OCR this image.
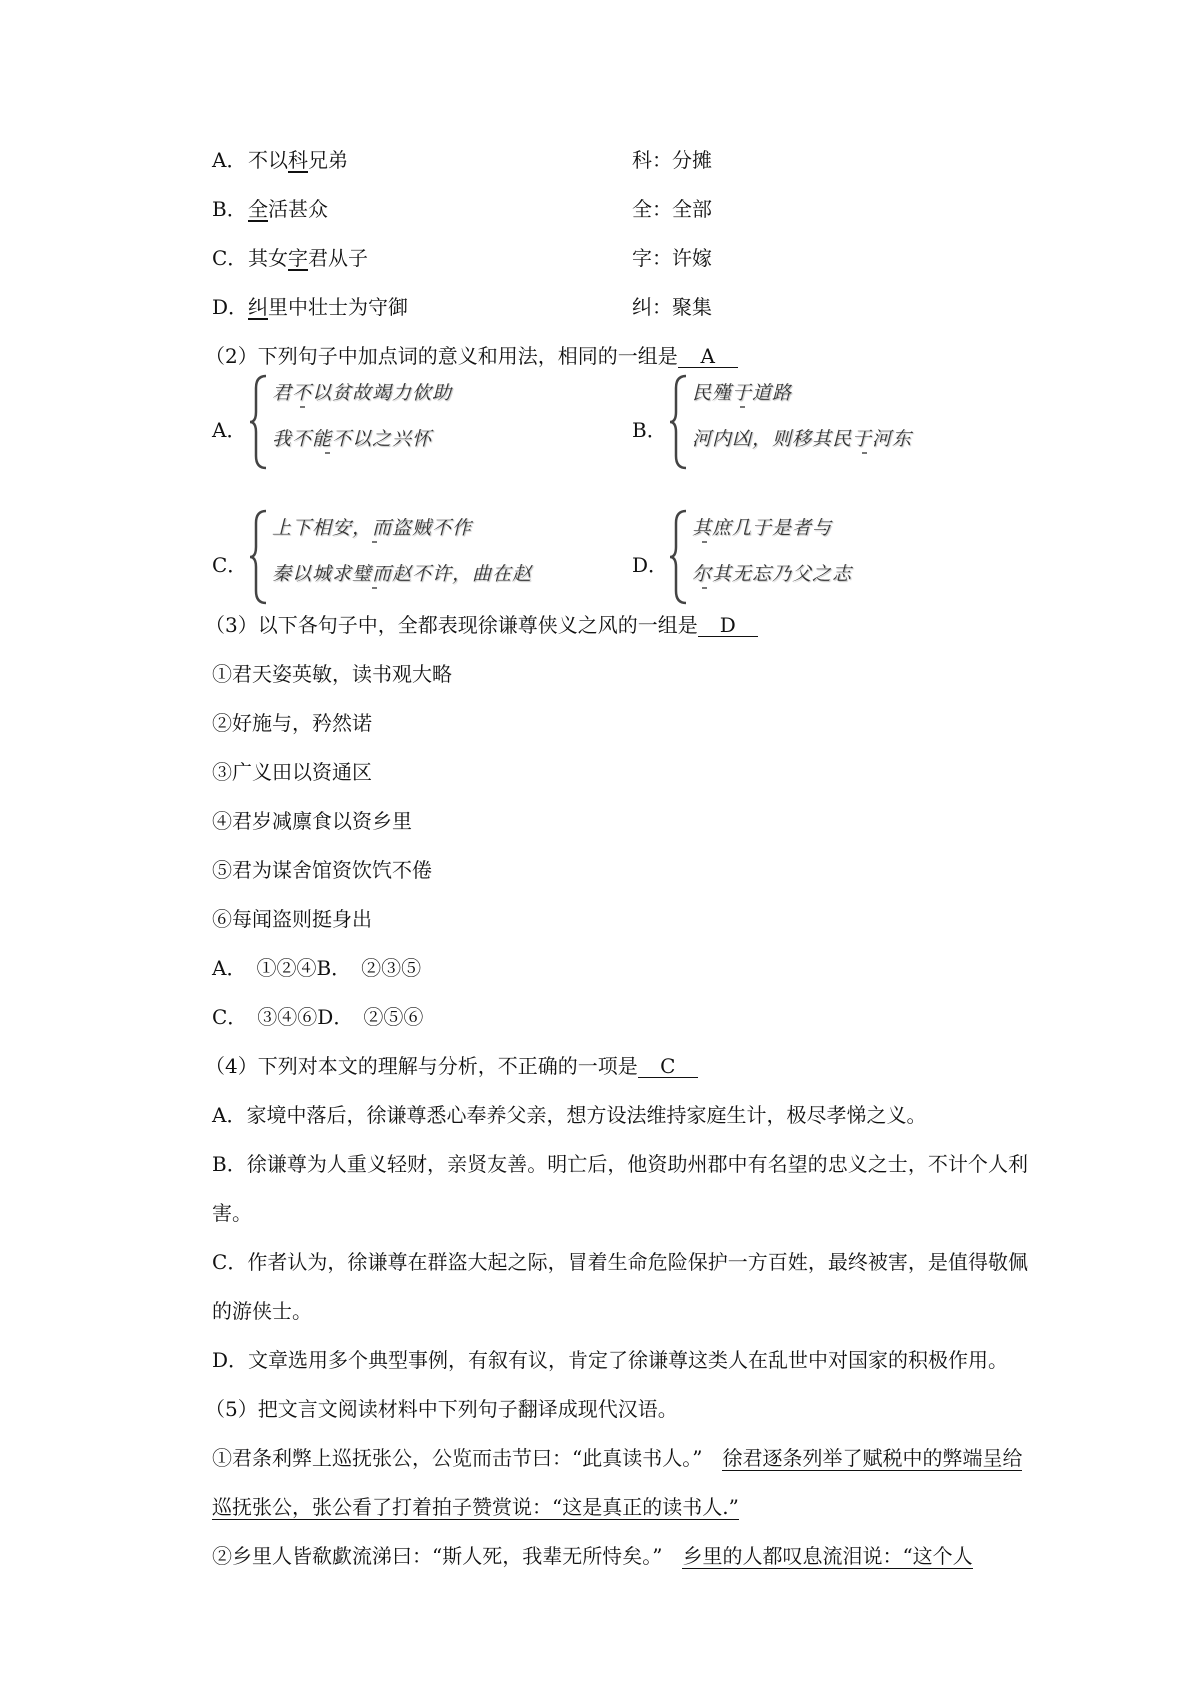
A．不以科兄弟	科：分摊
B．全活甚众	全：全部
C．其女字君从子	字：许嫁
D．纠里中壮士为守御	纠：聚集
（2）下列句子中加点词的意义和用法，相同的一组是 A
A．
君不以贫故竭力佽助
我不能不以之兴怀	B．
民殣于道路
河内凶，则移其民于河东
C．
上下相安，而盗贼不作
秦以城求璧而赵不许，曲在赵	D．
其庶几于是者与
尔其无忘乃父之志
（3）以下各句子中，全都表现徐谦尊侠义之风的一组是 D
①君天姿英敏，读书观大略
②好施与，矜然诺
③广义田以资通区
④君岁减廪食以资乡里
⑤君为谋舍馆资饮饩不倦
⑥每闻盗则挺身出
A．　①②④B．　②③⑤
C．　③④⑥D．　②⑤⑥
（4）下列对本文的理解与分析，不正确的一项是 C
A．家境中落后，徐谦尊悉心奉养父亲，想方设法维持家庭生计，极尽孝悌之义。
B．徐谦尊为人重义轻财，亲贤友善。明亡后，他资助州郡中有名望的忠义之士，不计个人利害。
C．作者认为，徐谦尊在群盗大起之际，冒着生命危险保护一方百姓，最终被害，是值得敬佩的游侠士。
D．文章选用多个典型事例，有叙有议，肯定了徐谦尊这类人在乱世中对国家的积极作用。
（5）把文言文阅读材料中下列句子翻译成现代汉语。
①君条利弊上巡抚张公，公览而击节曰：“此真读书人。”　 徐君逐条列举了赋税中的弊端呈给巡抚张公，张公看了打着拍子赞赏说：“这是真正的读书人.”
②乡里人皆欷歔流涕曰：“斯人死，我辈无所恃矣。”　 乡里的人都叹息流泪说：“这个人
